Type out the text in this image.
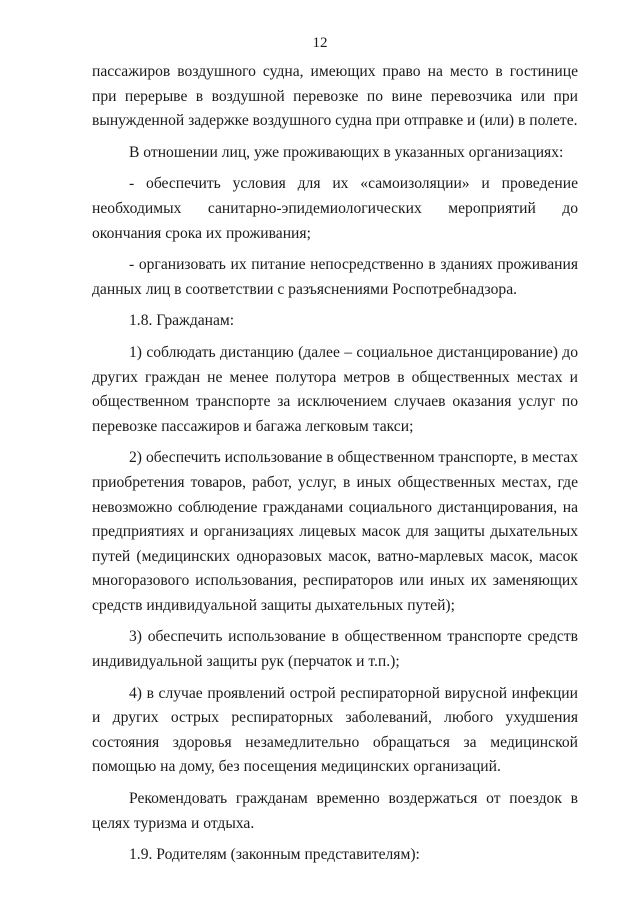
12

пассажиров воздушного судна, имеющих право на место в гостинице при перерыве в воздушной перевозке по вине перевозчика или при вынужденной задержке воздушного судна при отправке и (или) в полете.

В отношении лиц, уже проживающих в указанных организациях:

- обеспечить условия для их «самоизоляции» и проведение необходимых санитарно-эпидемиологических мероприятий до окончания срока их проживания;

- организовать их питание непосредственно в зданиях проживания данных лиц в соответствии с разъяснениями Роспотребнадзора.

1.8. Гражданам:

1) соблюдать дистанцию (далее – социальное дистанцирование) до других граждан не менее полутора метров в общественных местах и общественном транспорте за исключением случаев оказания услуг по перевозке пассажиров и багажа легковым такси;

2) обеспечить использование в общественном транспорте, в местах приобретения товаров, работ, услуг, в иных общественных местах, где невозможно соблюдение гражданами социального дистанцирования, на предприятиях и организациях лицевых масок для защиты дыхательных путей (медицинских одноразовых масок, ватно-марлевых масок, масок многоразового использования, респираторов или иных их заменяющих средств индивидуальной защиты дыхательных путей);

3) обеспечить использование в общественном транспорте средств индивидуальной защиты рук (перчаток и т.п.);

4) в случае проявлений острой респираторной вирусной инфекции и других острых респираторных заболеваний, любого ухудшения состояния здоровья незамедлительно обращаться за медицинской помощью на дому, без посещения медицинских организаций.

Рекомендовать гражданам временно воздержаться от поездок в целях туризма и отдыха.

1.9. Родителям (законным представителям):
